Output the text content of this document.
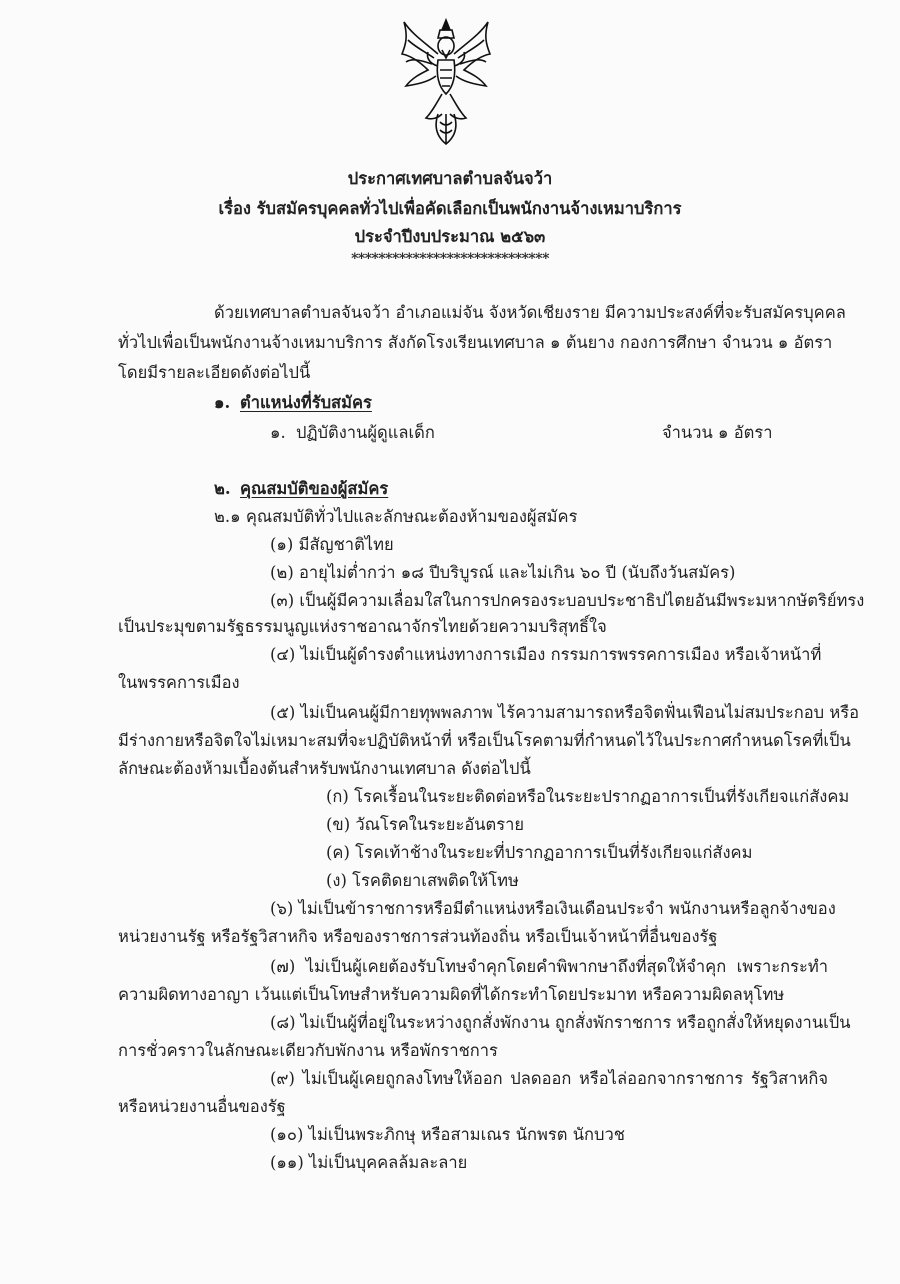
ประกาศเทศบาลตำบลจันจว้า
เรื่อง รับสมัครบุคคลทั่วไปเพื่อคัดเลือกเป็นพนักงานจ้างเหมาบริการ
ประจำปีงบประมาณ ๒๕๖๓
*****************************
ด้วยเทศบาลตำบลจันจว้า อำเภอแม่จัน จังหวัดเชียงราย มีความประสงค์ที่จะรับสมัครบุคคล
ทั่วไปเพื่อเป็นพนักงานจ้างเหมาบริการ สังกัดโรงเรียนเทศบาล ๑ ต้นยาง กองการศึกษา จำนวน ๑ อัตรา
โดยมีรายละเอียดดังต่อไปนี้
๑. ตำแหน่งที่รับสมัคร
๑. ปฏิบัติงานผู้ดูแลเด็ก	จำนวน ๑ อัตรา
๒. คุณสมบัติของผู้สมัคร
๒.๑ คุณสมบัติทั่วไปและลักษณะต้องห้ามของผู้สมัคร
(๑) มีสัญชาติไทย
(๒) อายุไม่ต่ำกว่า ๑๘ ปีบริบูรณ์ และไม่เกิน ๖๐ ปี (นับถึงวันสมัคร)
(๓) เป็นผู้มีความเลื่อมใสในการปกครองระบอบประชาธิปไตยอันมีพระมหากษัตริย์ทรง
เป็นประมุขตามรัฐธรรมนูญแห่งราชอาณาจักรไทยด้วยความบริสุทธิ์ใจ
(๔) ไม่เป็นผู้ดำรงตำแหน่งทางการเมือง กรรมการพรรคการเมือง หรือเจ้าหน้าที่
ในพรรคการเมือง
(๕) ไม่เป็นคนผู้มีกายทุพพลภาพ ไร้ความสามารถหรือจิตฟั่นเฟือนไม่สมประกอบ หรือ
มีร่างกายหรือจิตใจไม่เหมาะสมที่จะปฏิบัติหน้าที่ หรือเป็นโรคตามที่กำหนดไว้ในประกาศกำหนดโรคที่เป็น
ลักษณะต้องห้ามเบื้องต้นสำหรับพนักงานเทศบาล ดังต่อไปนี้
(ก) โรคเรื้อนในระยะติดต่อหรือในระยะปรากฏอาการเป็นที่รังเกียจแก่สังคม
(ข) วัณโรคในระยะอันตราย
(ค) โรคเท้าช้างในระยะที่ปรากฏอาการเป็นที่รังเกียจแก่สังคม
(ง) โรคติดยาเสพติดให้โทษ
(๖) ไม่เป็นข้าราชการหรือมีตำแหน่งหรือเงินเดือนประจำ พนักงานหรือลูกจ้างของ
หน่วยงานรัฐ หรือรัฐวิสาหกิจ หรือของราชการส่วนท้องถิ่น หรือเป็นเจ้าหน้าที่อื่นของรัฐ
(๗) ไม่เป็นผู้เคยต้องรับโทษจำคุกโดยคำพิพากษาถึงที่สุดให้จำคุก เพราะกระทำ
ความผิดทางอาญา เว้นแต่เป็นโทษสำหรับความผิดที่ได้กระทำโดยประมาท หรือความผิดลหุโทษ
(๘) ไม่เป็นผู้ที่อยู่ในระหว่างถูกสั่งพักงาน ถูกสั่งพักราชการ หรือถูกสั่งให้หยุดงานเป็น
การชั่วคราวในลักษณะเดียวกับพักงาน หรือพักราชการ
(๙) ไม่เป็นผู้เคยถูกลงโทษให้ออก ปลดออก หรือไล่ออกจากราชการ รัฐวิสาหกิจ
หรือหน่วยงานอื่นของรัฐ
(๑๐) ไม่เป็นพระภิกษุ หรือสามเณร นักพรต นักบวช
(๑๑) ไม่เป็นบุคคลล้มละลาย
